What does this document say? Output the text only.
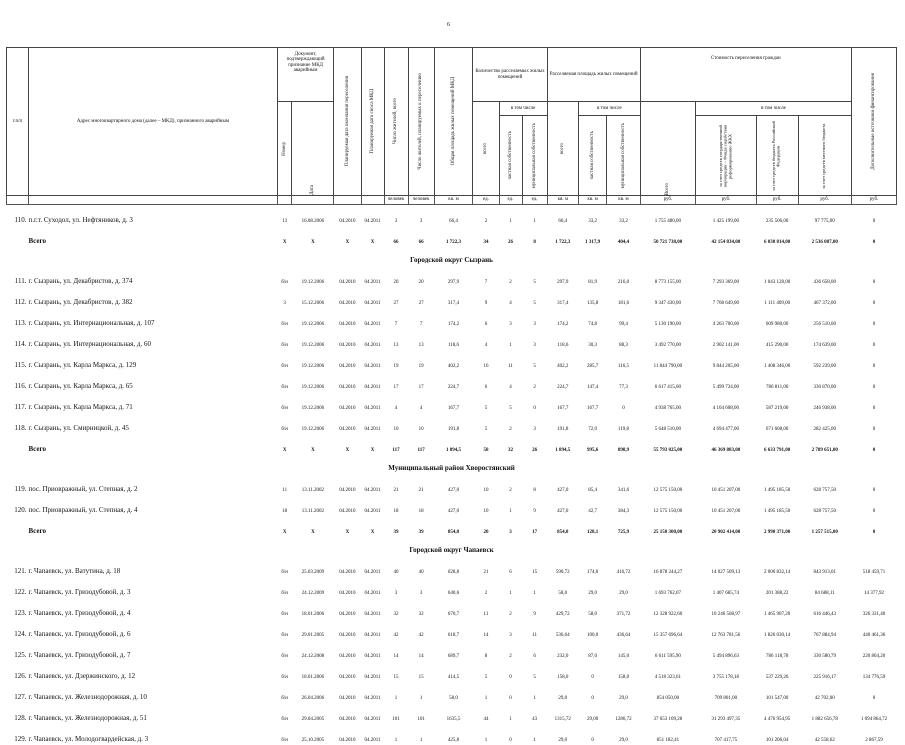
6
г.п/п	Адрес многоквартирного дома (далее – МКД), признанного аварийным	Документ, подтверждающий признание МКД аварийным		Планируемая дата окончания переселения	Планируемая дата сноса МКД	Число жителей, всего	Число жителей, планируемых к переселению	Общая площадь жилых помещений МКД	Количество расселяемых жилых помещений			Расселяемая площадь жилых помещений			Стоимость переселения граждан				Дополнительные источники финансирования

		Номер	Дата						всего	в том числе		всего	в том числе		Всего	в том числе			

										частная собственность	муниципальная собственность		частная собственность	муниципальная собственность		за счет средств государственной корпорации – Фонда содействия реформированию ЖКХ	за счет средств бюджета Российской Федерации	за счет средств местного бюджета	

						человек	человек	кв. м	ед.	ед.	ед.	кв. м	кв. м	кв. м	руб.	руб.	руб.	руб.	руб.
110.	п.г.т. Суходол, ул. Нефтяников, д. 3	13	16.08.2006	04.2010	04.2011	3	3	66,4	2	1	1	66,4	33,2	33,2	1 755 480,00	1 425 199,00	235 506,00	97 775,00	0
Всего		X	X	X	X	66	66	1 722,3	34	26	8	1 722,3	1 317,9	404,4	50 721 738,00	42 154 834,00	6 030 814,00	2 536 087,00	0
Городской округ Сызрань																			
111.	г. Сызрань, ул. Декабристов, д. 374	б/н	19.12.2006	04.2010	04.2011	20	20	297,9	7	2	5	297,9	81,9	216,0	8 773 155,00	7 293 369,00	1 043 128,00	436 658,00	0
112.	г. Сызрань, ул. Декабристов, д. 382	3	15.12.2006	04.2010	04.2011	27	27	317,4	9	4	5	317,4	135,8	181,6	9 347 430,00	7 768 649,00	1 111 409,00	467 372,00	0
113.	г. Сызрань, ул. Интернациональная, д. 107	б/н	19.12.2006	04.2010	04.2011	7	7	174,2	6	3	3	174,2	74,8	99,4	5 130 190,00	4 263 700,00	609 980,00	256 510,00	0
114.	г. Сызрань, ул. Интернациональная, д. 60	б/н	19.12.2006	04.2010	04.2011	13	13	118,6	4	1	3	118,6	30,3	88,3	3 492 770,00	2 902 141,00	415 290,00	174 639,00	0
115.	г. Сызрань, ул. Карла Маркса, д. 129	б/н	19.12.2006	04.2010	04.2011	19	19	402,2	16	11	5	402,2	285,7	116,5	11 844 790,00	9 844 205,00	1 408 346,00	592 239,00	0
116.	г. Сызрань, ул. Карла Маркса, д. 65	б/н	19.12.2006	04.2010	04.2011	17	17	224,7	6	4	2	224,7	147,4	77,3	6 617 415,00	5 499 734,00	786 811,00	330 870,00	0
117.	г. Сызрань, ул. Карла Маркса, д. 71	б/н	19.12.2006	04.2010	04.2011	4	4	167,7	5	5	0	167,7	167,7	0	4 938 765,00	4 104 608,00	587 219,00	246 938,00	0
118.	г. Сызрань, ул. Смирницкой, д. 45	б/н	19.12.2006	04.2010	04.2011	10	10	191,8	5	2	3	191,8	72,0	119,8	5 648 510,00	4 694 477,00	671 608,00	282 425,00	0
Всего		X	X	X	X	117	117	1 894,5	58	32	26	1 894,5	995,6	898,9	55 793 025,00	46 369 883,00	6 633 791,00	2 789 651,00	0
Муниципальный район Хворостянский																			
119.	пос. Приовражный, ул. Степная, д. 2	11	13.11.2002	04.2010	04.2011	21	21	427,0	10	2	8	427,0	85,4	341,6	12 575 150,00	10 451 207,00	1 495 185,50	628 757,50	0
120.	пос. Приовражный, ул. Степная, д. 4	18	13.11.2002	04.2010	04.2011	18	18	427,0	10	1	9	427,0	42,7	384,3	12 575 150,00	10 451 207,00	1 495 185,50	628 757,50	0
Всего		X	X	X	X	39	39	854,0	20	3	17	854,0	128,1	725,9	25 150 300,00	20 902 414,00	2 990 371,00	1 257 515,00	0
Городской округ Чапаевск																			
121.	г. Чапаевск, ул. Ватутина, д. 18	б/н	25.03.2009	04.2010	04.2011	40	40	628,8	21	6	15	590,72	174,0	416,72	16 878 244,27	14 027 509,13	2 006 832,14	843 913,01	518 459,71
122.	г. Чапаевск, ул. Гризодубовой, д. 3	б/н	24.12.2009	04.2010	04.2011	3	3	640,6	2	1	1	58,0	29,0	29,0	1 693 762,07	1 407 685,74	201 388,22	84 688,11	14 377,92
123.	г. Чапаевск, ул. Гризодубовой, д. 4	б/н	18.01.2006	04.2010	04.2011	32	32	670,7	11	2	9	429,72	58,0	371,72	12 328 922,60	10 246 568,97	1 465 907,20	616 446,43	326 331,40
124.	г. Чапаевск, ул. Гризодубовой, д. 6	б/н	29.01.2005	04.2010	04.2011	42	42	618,7	14	3	11	536,64	100,0	436,64	15 357 696,64	12 763 781,56	1 826 030,14	767 884,94	440 461,36
125.	г. Чапаевск, ул. Гризодубовой, д. 7	б/н	24.12.2008	04.2010	04.2011	14	14	689,7	8	2	6	232,0	87,0	145,0	6 611 595,90	5 494 896,63	786 118,78	330 580,79	220 804,20
126.	г. Чапаевск, ул. Дзержинского, д. 12	б/н	18.01.2006	04.2010	04.2011	15	15	414,5	5	0	5	158,0	0	158,0	4 518 323,61	3 755 178,18	537 229,26	225 916,17	134 776,59
127.	г. Чапаевск, ул. Железнодорожная, д. 10	б/н	26.04.2006	04.2010	04.2011	1	1	58,0	1	0	1	29,0	0	29,0	854 050,00	709 801,00	101 547,00	42 702,00	0
128.	г. Чапаевск, ул. Железнодорожная, д. 51	б/н	29.04.2005	04.2010	04.2011	101	101	1635,5	44	1	43	1315,72	29,00	1286,72	37 653 109,28	31 293 497,35	4 476 954,95	1 882 656,78	1 094 864,72
129.	г. Чапаевск, ул. Молодогвардейская, д. 3	б/н	25.10.2005	04.2010	04.2011	1	1	425,8	1	0	1	29,0	0	29,0	851 182,41	707 417,75	101 206,04	42 558,62	2 867,59
